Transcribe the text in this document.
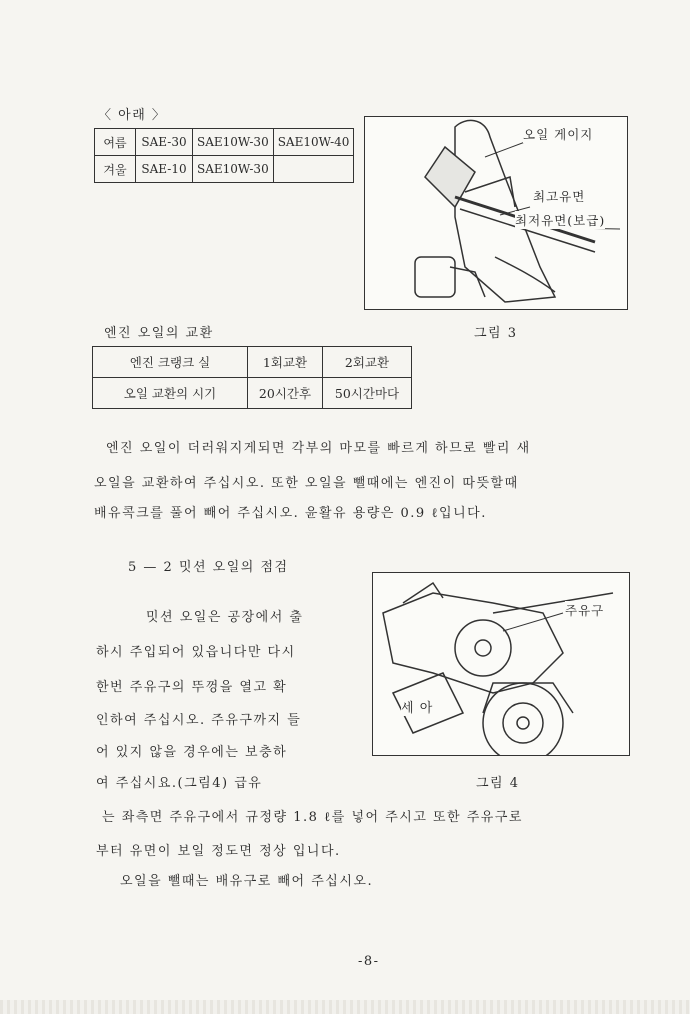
〈 아래 〉
여름	SAE-30	SAE10W-30	SAE10W-40
겨울	SAE-10	SAE10W-30	
오일 게이지
최고유면
최저유면(보급)
그림 3
엔진 오일의 교환
엔진 크랭크 실	1회교환	2회교환
오일 교환의 시기	20시간후	50시간마다
엔진 오일이 더러워지게되면 각부의 마모를 빠르게 하므로 빨리 새
오일을 교환하여 주십시오. 또한 오일을 뺄때에는 엔진이 따뜻할때
배유콕크를 풀어 빼어 주십시오. 윤활유 용량은 0.9 ℓ입니다.
5 — 2 밋션 오일의 점검
밋션 오일은 공장에서 출
하시 주입되어 있읍니다만 다시
한번 주유구의 뚜껑을 열고 확
인하여 주십시오. 주유구까지 들
어 있지 않을 경우에는 보충하
여 주십시요.(그림4) 급유
주유구
세 아
그림 4
는 좌측면 주유구에서 규정량 1.8 ℓ를 넣어 주시고 또한 주유구로
부터 유면이 보일 정도면 정상 입니다.
오일을 뺄때는 배유구로 빼어 주십시오.
-8-
